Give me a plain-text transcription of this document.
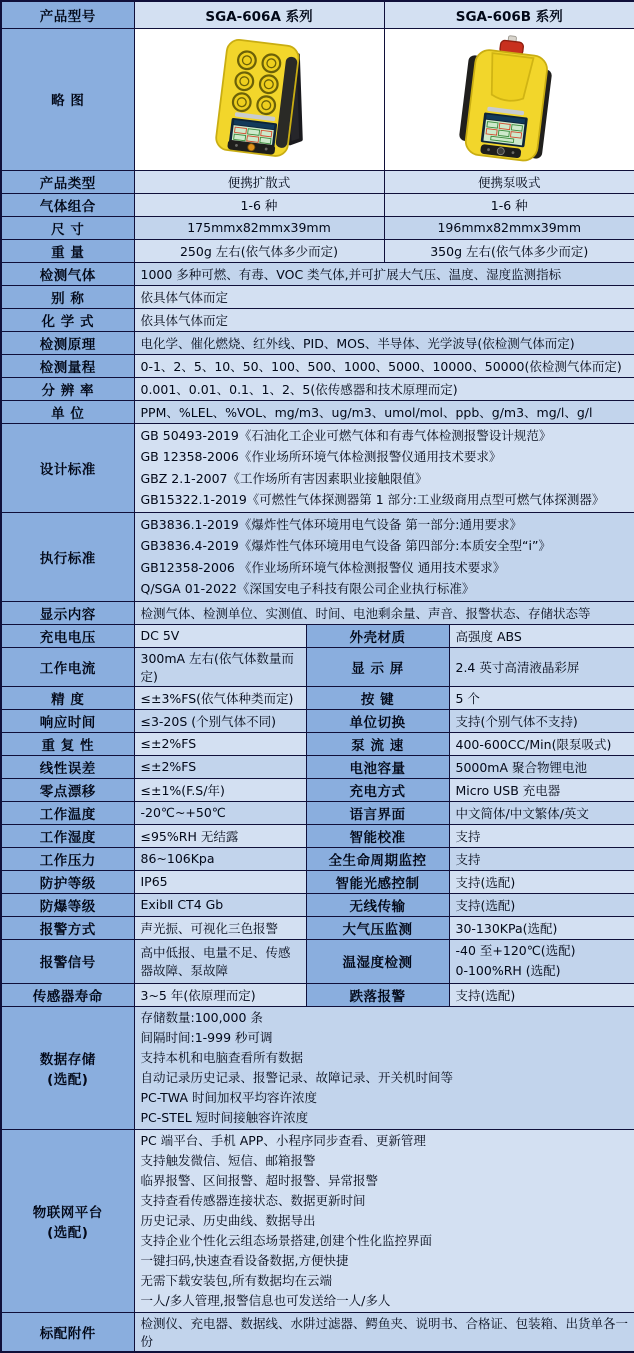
产品型号	SGA-606A 系列		SGA-606B 系列	
略 图	

产品类型	便携扩散式		便携泵吸式	
气体组合	1-6 种		1-6 种	
尺 寸	175mmx82mmx39mm		196mmx82mmx39mm	
重 量	250g 左右(依气体多少而定)		350g 左右(依气体多少而定)	
检测气体	1000 多种可燃、有毒、VOC 类气体,并可扩展大气压、温度、湿度监测指标			
别 称	依具体气体而定			
化 学 式	依具体气体而定			
检测原理	电化学、催化燃烧、红外线、PID、MOS、半导体、光学波导(依检测气体而定)			
检测量程	0-1、2、5、10、50、100、500、1000、5000、10000、50000(依检测气体而定)			
分 辨 率	0.001、0.01、0.1、1、2、5(依传感器和技术原理而定)			
单 位	PPM、%LEL、%VOL、mg/m3、ug/m3、umol/mol、ppb、g/m3、mg/l、g/l			
设计标准	GB 50493-2019《石油化工企业可燃气体和有毒气体检测报警设计规范》
GB 12358-2006《作业场所环境气体检测报警仪通用技术要求》
GBZ 2.1-2007《工作场所有害因素职业接触限值》
GB15322.1-2019《可燃性气体探测器第 1 部分:工业级商用点型可燃气体探测器》			

执行标准	GB3836.1-2019《爆炸性气体环境用电气设备 第一部分:通用要求》
GB3836.4-2019《爆炸性气体环境用电气设备 第四部分:本质安全型“i”》
GB12358-2006 《作业场所环境气体检测报警仪 通用技术要求》
Q/SGA 01-2022《深国安电子科技有限公司企业执行标准》			

显示内容	检测气体、检测单位、实测值、时间、电池剩余量、声音、报警状态、存储状态等			
充电电压	DC 5V	外壳材质		高强度 ABS
工作电流	300mA 左右(依气体数量而定)	显 示 屏		2.4 英寸高清液晶彩屏
精 度	≤±3%FS(依气体种类而定)	按 键		5 个
响应时间	≤3-20S (个别气体不同)	单位切换		支持(个别气体不支持)
重 复 性	≤±2%FS	泵 流 速		400-600CC/Min(限泵吸式)
线性误差	≤±2%FS	电池容量		5000mA 聚合物锂电池
零点漂移	≤±1%(F.S/年)	充电方式		Micro USB 充电器
工作温度	-20℃~+50℃	语言界面		中文简体/中文繁体/英文
工作湿度	≤95%RH 无结露	智能校准		支持
工作压力	86~106Kpa	全生命周期监控		支持
防护等级	IP65	智能光感控制		支持(选配)
防爆等级	ExibⅡ CT4 Gb	无线传输		支持(选配)
报警方式	声光振、可视化三色报警	大气压监测		30-130KPa(选配)
报警信号	高中低报、电量不足、传感器故障、泵故障	温湿度检测		-40 至+120℃(选配)
0-100%RH (选配)

传感器寿命	3~5 年(依原理而定)	跌落报警		支持(选配)

数据存储
(选配)

存储数量:100,000 条
间隔时间:1-999 秒可调
支持本机和电脑查看所有数据
自动记录历史记录、报警记录、故障记录、开关机时间等
PC-TWA 时间加权平均容许浓度
PC-STEL 短时间接触容许浓度

物联网平台
(选配)

PC 端平台、手机 APP、小程序同步查看、更新管理
支持触发微信、短信、邮箱报警
临界报警、区间报警、超时报警、异常报警
支持查看传感器连接状态、数据更新时间
历史记录、历史曲线、数据导出
支持企业个性化云组态场景搭建,创建个性化监控界面
一键扫码,快速查看设备数据,方便快捷
无需下载安装包,所有数据均在云端
一人/多人管理,报警信息也可发送给一人/多人

标配附件	检测仪、充电器、数据线、水阱过滤器、鳄鱼夹、说明书、合格证、包装箱、出货单各一份			
